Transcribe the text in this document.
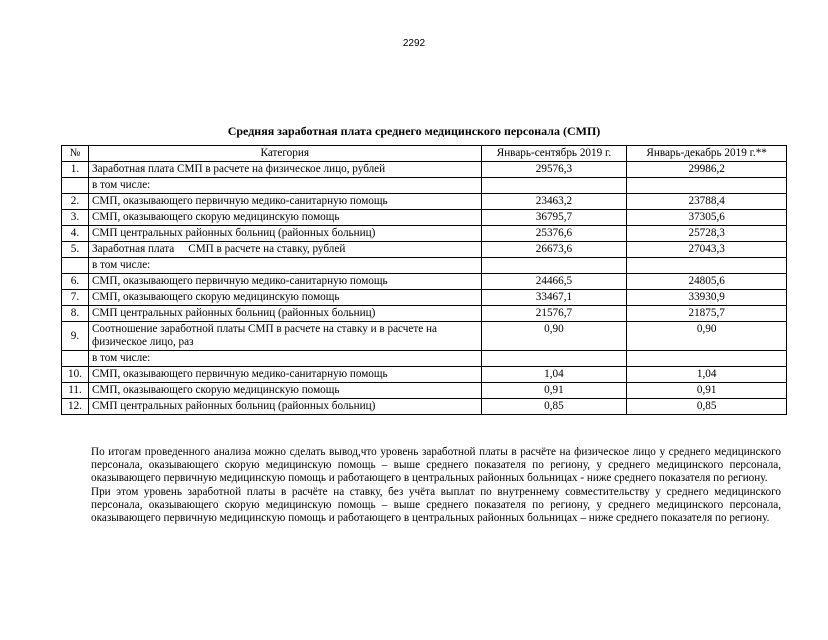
2292
Средняя заработная плата среднего медицинского персонала (СМП)
№	Категория	Январь-сентябрь 2019 г.	Январь-декабрь 2019 г.**
1.	Заработная плата СМП в расчете на физическое лицо, рублей	29576,3	29986,2
	в том числе:		
2.	СМП, оказывающего первичную медико-санитарную помощь	23463,2	23788,4
3.	СМП, оказывающего скорую медицинскую помощь	36795,7	37305,6
4.	СМП центральных районных больниц (районных больниц)	25376,6	25728,3
5.	Заработная плата     СМП в расчете на ставку, рублей	26673,6	27043,3
	в том числе:		
6.	СМП, оказывающего первичную медико-санитарную помощь	24466,5	24805,6
7.	СМП, оказывающего скорую медицинскую помощь	33467,1	33930,9
8.	СМП центральных районных больниц (районных больниц)	21576,7	21875,7
9.	Соотношение заработной платы СМП в расчете на ставку и в расчете на физическое лицо, раз	0,90	0,90
	в том числе:		
10.	СМП, оказывающего первичную медико-санитарную помощь	1,04	1,04
11.	СМП, оказывающего скорую медицинскую помощь	0,91	0,91
12.	СМП центральных районных больниц (районных больниц)	0,85	0,85

По итогам проведенного анализа можно сделать вывод,что уровень заработной платы в расчёте на физическое лицо у среднего медицинского персонала, оказывающего скорую медицинскую помощь – выше среднего показателя по региону, у среднего медицинского персонала, оказывающего первичную медицинскую помощь и работающего в центральных районных больницах - ниже среднего показателя по региону.

При этом уровень заработной платы в расчёте на ставку, без учёта выплат по внутреннему совместительству у среднего медицинского персонала, оказывающего скорую медицинскую помощь – выше среднего показателя по региону, у среднего медицинского персонала, оказывающего первичную медицинскую помощь и работающего в центральных районных больницах – ниже среднего показателя по региону.
